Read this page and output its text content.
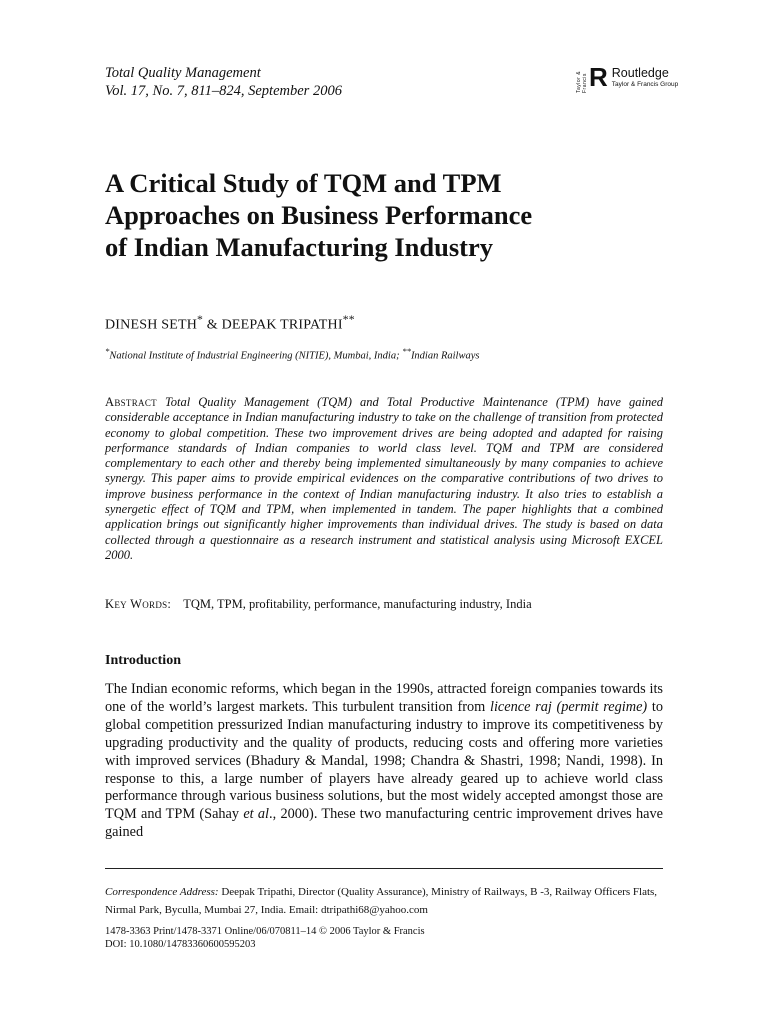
Total Quality Management
Vol. 17, No. 7, 811–824, September 2006	Taylor & Francis R Routledge
Taylor & Francis Group
A Critical Study of TQM and TPM
Approaches on Business Performance
of Indian Manufacturing Industry
DINESH SETH* & DEEPAK TRIPATHI**
*National Institute of Industrial Engineering (NITIE), Mumbai, India; **Indian Railways

Abstract Total Quality Management (TQM) and Total Productive Maintenance (TPM) have gained considerable acceptance in Indian manufacturing industry to take on the challenge of transition from protected economy to global competition. These two improvement drives are being adopted and adapted for raising performance standards of Indian companies to world class level. TQM and TPM are considered complementary to each other and thereby being implemented simultaneously by many companies to achieve synergy. This paper aims to provide empirical evidences on the comparative contributions of two drives to improve business performance in the context of Indian manufacturing industry. It also tries to establish a synergetic effect of TQM and TPM, when implemented in tandem. The paper highlights that a combined application brings out significantly higher improvements than individual drives. The study is based on data collected through a questionnaire as a research instrument and statistical analysis using Microsoft EXCEL 2000.

Key Words: TQM, TPM, profitability, performance, manufacturing industry, India
Introduction

The Indian economic reforms, which began in the 1990s, attracted foreign companies towards its one of the world’s largest markets. This turbulent transition from licence raj (permit regime) to global competition pressurized Indian manufacturing industry to improve its competitiveness by upgrading productivity and the quality of products, reducing costs and offering more varieties with improved services (Bhadury & Mandal, 1998; Chandra & Shastri, 1998; Nandi, 1998). In response to this, a large number of players have already geared up to achieve world class performance through various business solutions, but the most widely accepted amongst those are TQM and TPM (Sahay et al., 2000). These two manufacturing centric improvement drives have gained

Correspondence Address: Deepak Tripathi, Director (Quality Assurance), Ministry of Railways, B -3, Railway Officers Flats, Nirmal Park, Byculla, Mumbai 27, India. Email: dtripathi68@yahoo.com

1478-3363 Print/1478-3371 Online/06/070811–14 © 2006 Taylor & Francis
DOI: 10.1080/14783360600595203
